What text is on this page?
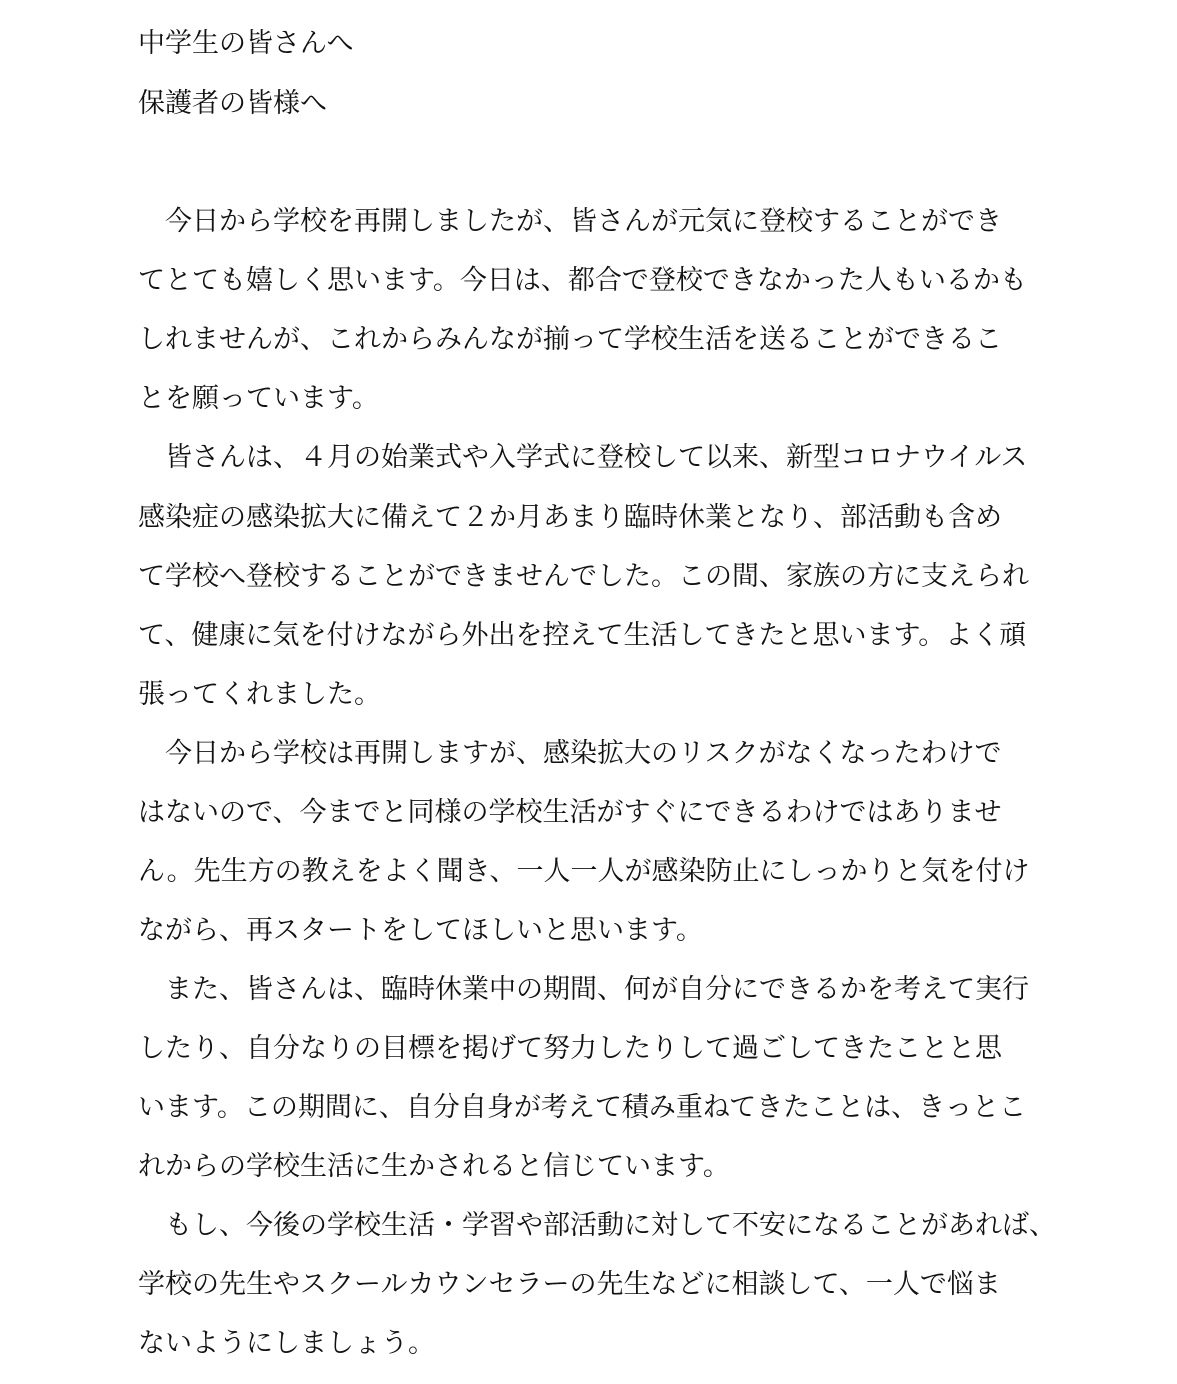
中学生の皆さんへ

保護者の皆様へ

　今日から学校を再開しましたが、皆さんが元気に登校することができ

てとても嬉しく思います。今日は、都合で登校できなかった人もいるかも

しれませんが、これからみんなが揃って学校生活を送ることができるこ

とを願っています。

　皆さんは、４月の始業式や入学式に登校して以来、新型コロナウイルス

感染症の感染拡大に備えて２か月あまり臨時休業となり、部活動も含め

て学校へ登校することができませんでした。この間、家族の方に支えられ

て、健康に気を付けながら外出を控えて生活してきたと思います。よく頑

張ってくれました。

　今日から学校は再開しますが、感染拡大のリスクがなくなったわけで

はないので、今までと同様の学校生活がすぐにできるわけではありませ

ん。先生方の教えをよく聞き、一人一人が感染防止にしっかりと気を付け

ながら、再スタートをしてほしいと思います。

　また、皆さんは、臨時休業中の期間、何が自分にできるかを考えて実行

したり、自分なりの目標を掲げて努力したりして過ごしてきたことと思

います。この期間に、自分自身が考えて積み重ねてきたことは、きっとこ

れからの学校生活に生かされると信じています。

　もし、今後の学校生活・学習や部活動に対して不安になることがあれば、

学校の先生やスクールカウンセラーの先生などに相談して、一人で悩ま

ないようにしましょう。
